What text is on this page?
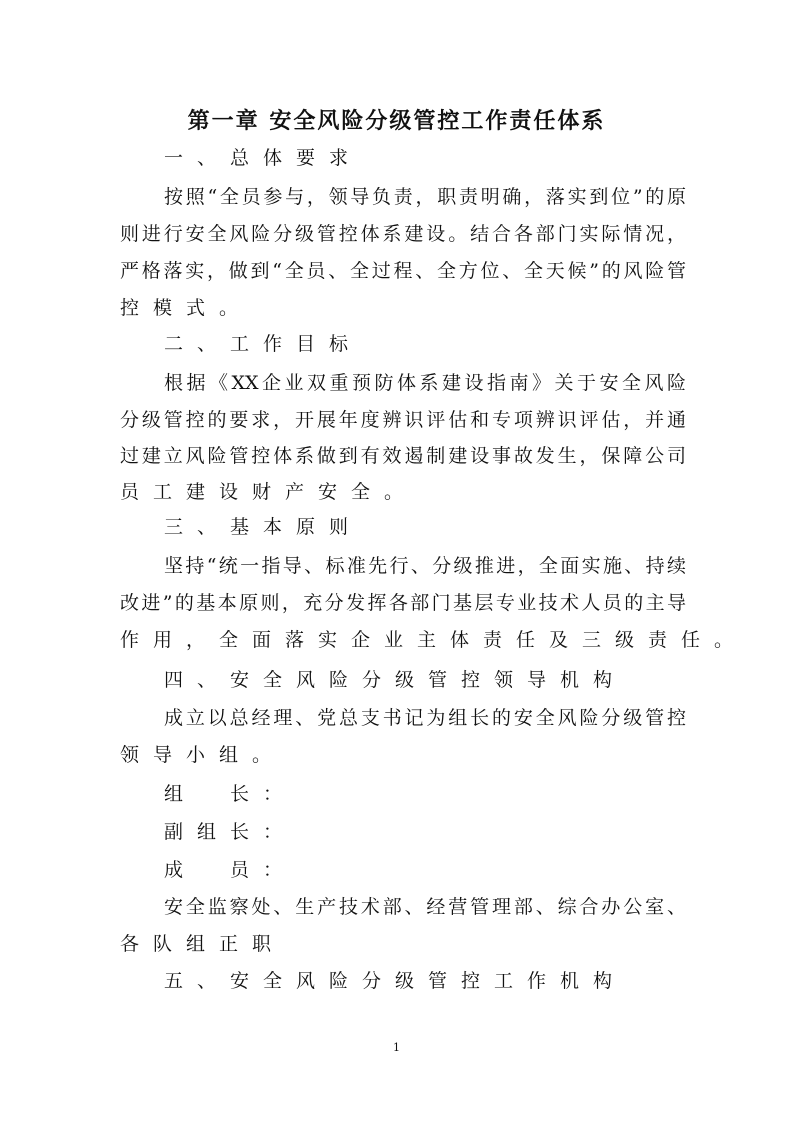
第一章 安全风险分级管控工作责任体系
一、总体要求
按照“全员参与，领导负责，职责明确，落实到位”的原
则进行安全风险分级管控体系建设。结合各部门实际情况，
严格落实，做到“全员、全过程、全方位、全天候”的风险管
控模式。
二、工作目标
根据《XX企业双重预防体系建设指南》关于安全风险
分级管控的要求，开展年度辨识评估和专项辨识评估，并通
过建立风险管控体系做到有效遏制建设事故发生，保障公司
员工建设财产安全。
三、基本原则
坚持“统一指导、标准先行、分级推进，全面实施、持续
改进”的基本原则，充分发挥各部门基层专业技术人员的主导
作用，全面落实企业主体责任及三级责任。
四、安全风险分级管控领导机构
成立以总经理、党总支书记为组长的安全风险分级管控
领导小组。
组　长：
副组长：
成　员：
安全监察处、生产技术部、经营管理部、综合办公室、
各队组正职
五、安全风险分级管控工作机构
1
